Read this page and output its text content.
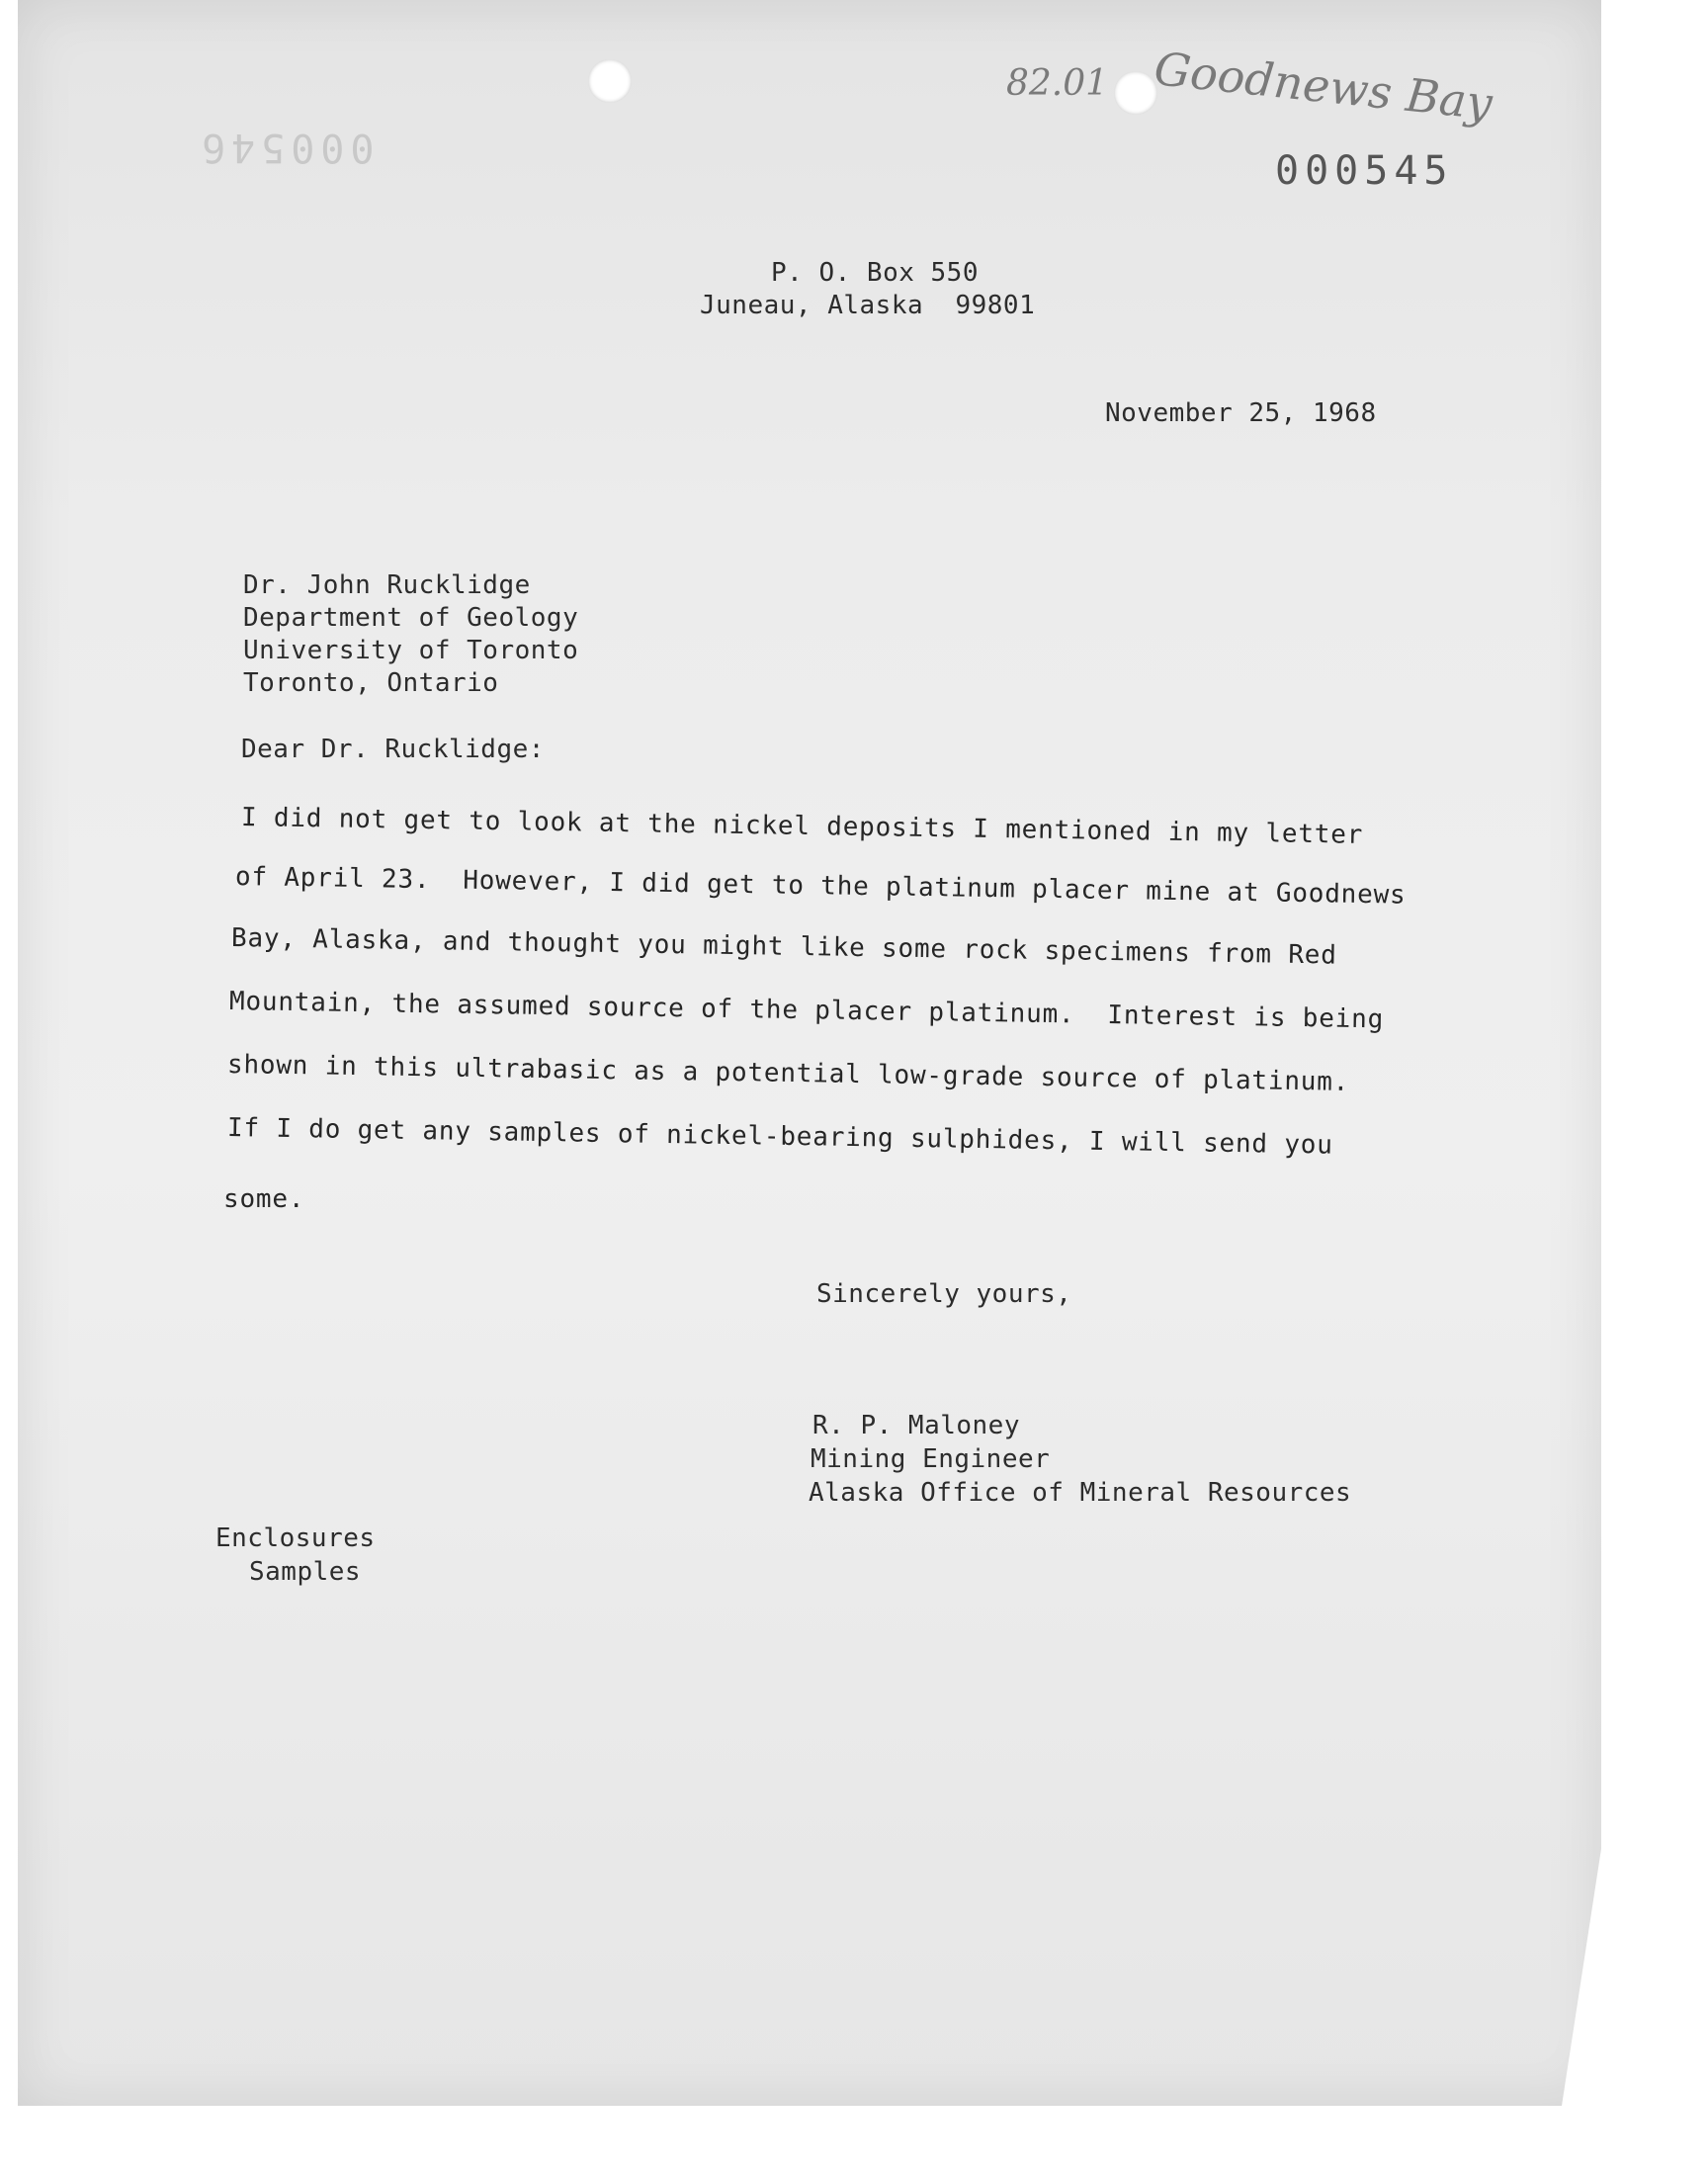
000546

82.01 Goodnews Bay

000545

P. O. Box 550

Juneau, Alaska  99801

November 25, 1968

Dr. John Rucklidge

Department of Geology

University of Toronto

Toronto, Ontario

Dear Dr. Rucklidge:

I did not get to look at the nickel deposits I mentioned in my letter

of April 23.  However, I did get to the platinum placer mine at Goodnews

Bay, Alaska, and thought you might like some rock specimens from Red

Mountain, the assumed source of the placer platinum.  Interest is being

shown in this ultrabasic as a potential low-grade source of platinum.

If I do get any samples of nickel-bearing sulphides, I will send you

some.

Sincerely yours,

R. P. Maloney

Mining Engineer

Alaska Office of Mineral Resources

Enclosures

Samples
